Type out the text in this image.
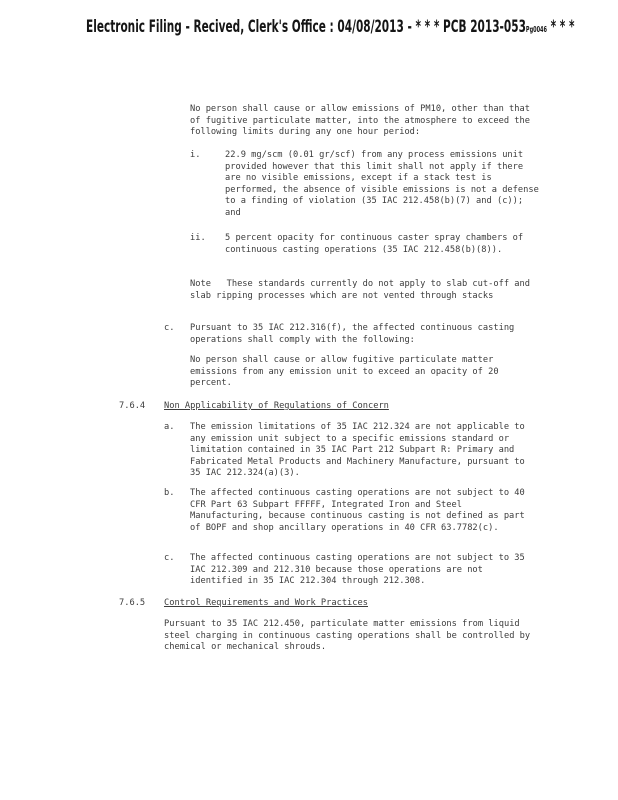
Electronic Filing - Recived, Clerk's Office : 04/08/2013 - * * * PCB 2013-053Pg0046 * * *
No person shall cause or allow emissions of PM10, other than that of fugitive particulate matter, into the atmosphere to exceed the following limits during any one hour period:
i.	22.9 mg/scm (0.01 gr/scf) from any process emissions unit provided however that this limit shall not apply if there are no visible emissions, except if a stack test is performed, the absence of visible emissions is not a defense to a finding of violation (35 IAC 212.458(b)(7) and (c)); and
ii. 5 percent opacity for continuous caster spray chambers of continuous casting operations (35 IAC 212.458(b)(8)).
Note   These standards currently do not apply to slab cut-off and slab ripping processes which are not vented through stacks
c. Pursuant to 35 IAC 212.316(f), the affected continuous casting operations shall comply with the following:
No person shall cause or allow fugitive particulate matter emissions from any emission unit to exceed an opacity of 20 percent.
7.6.4 Non Applicability of Regulations of Concern
a. The emission limitations of 35 IAC 212.324 are not applicable to any emission unit subject to a specific emissions standard or limitation contained in 35 IAC Part 212 Subpart R: Primary and Fabricated Metal Products and Machinery Manufacture, pursuant to 35 IAC 212.324(a)(3).
b. The affected continuous casting operations are not subject to 40 CFR Part 63 Subpart FFFFF, Integrated Iron and Steel Manufacturing, because continuous casting is not defined as part of BOPF and shop ancillary operations in 40 CFR 63.7782(c).
c. The affected continuous casting operations are not subject to 35 IAC 212.309 and 212.310 because those operations are not identified in 35 IAC 212.304 through 212.308.
7.6.5 Control Requirements and Work Practices
Pursuant to 35 IAC 212.450, particulate matter emissions from liquid steel charging in continuous casting operations shall be controlled by chemical or mechanical shrouds.
